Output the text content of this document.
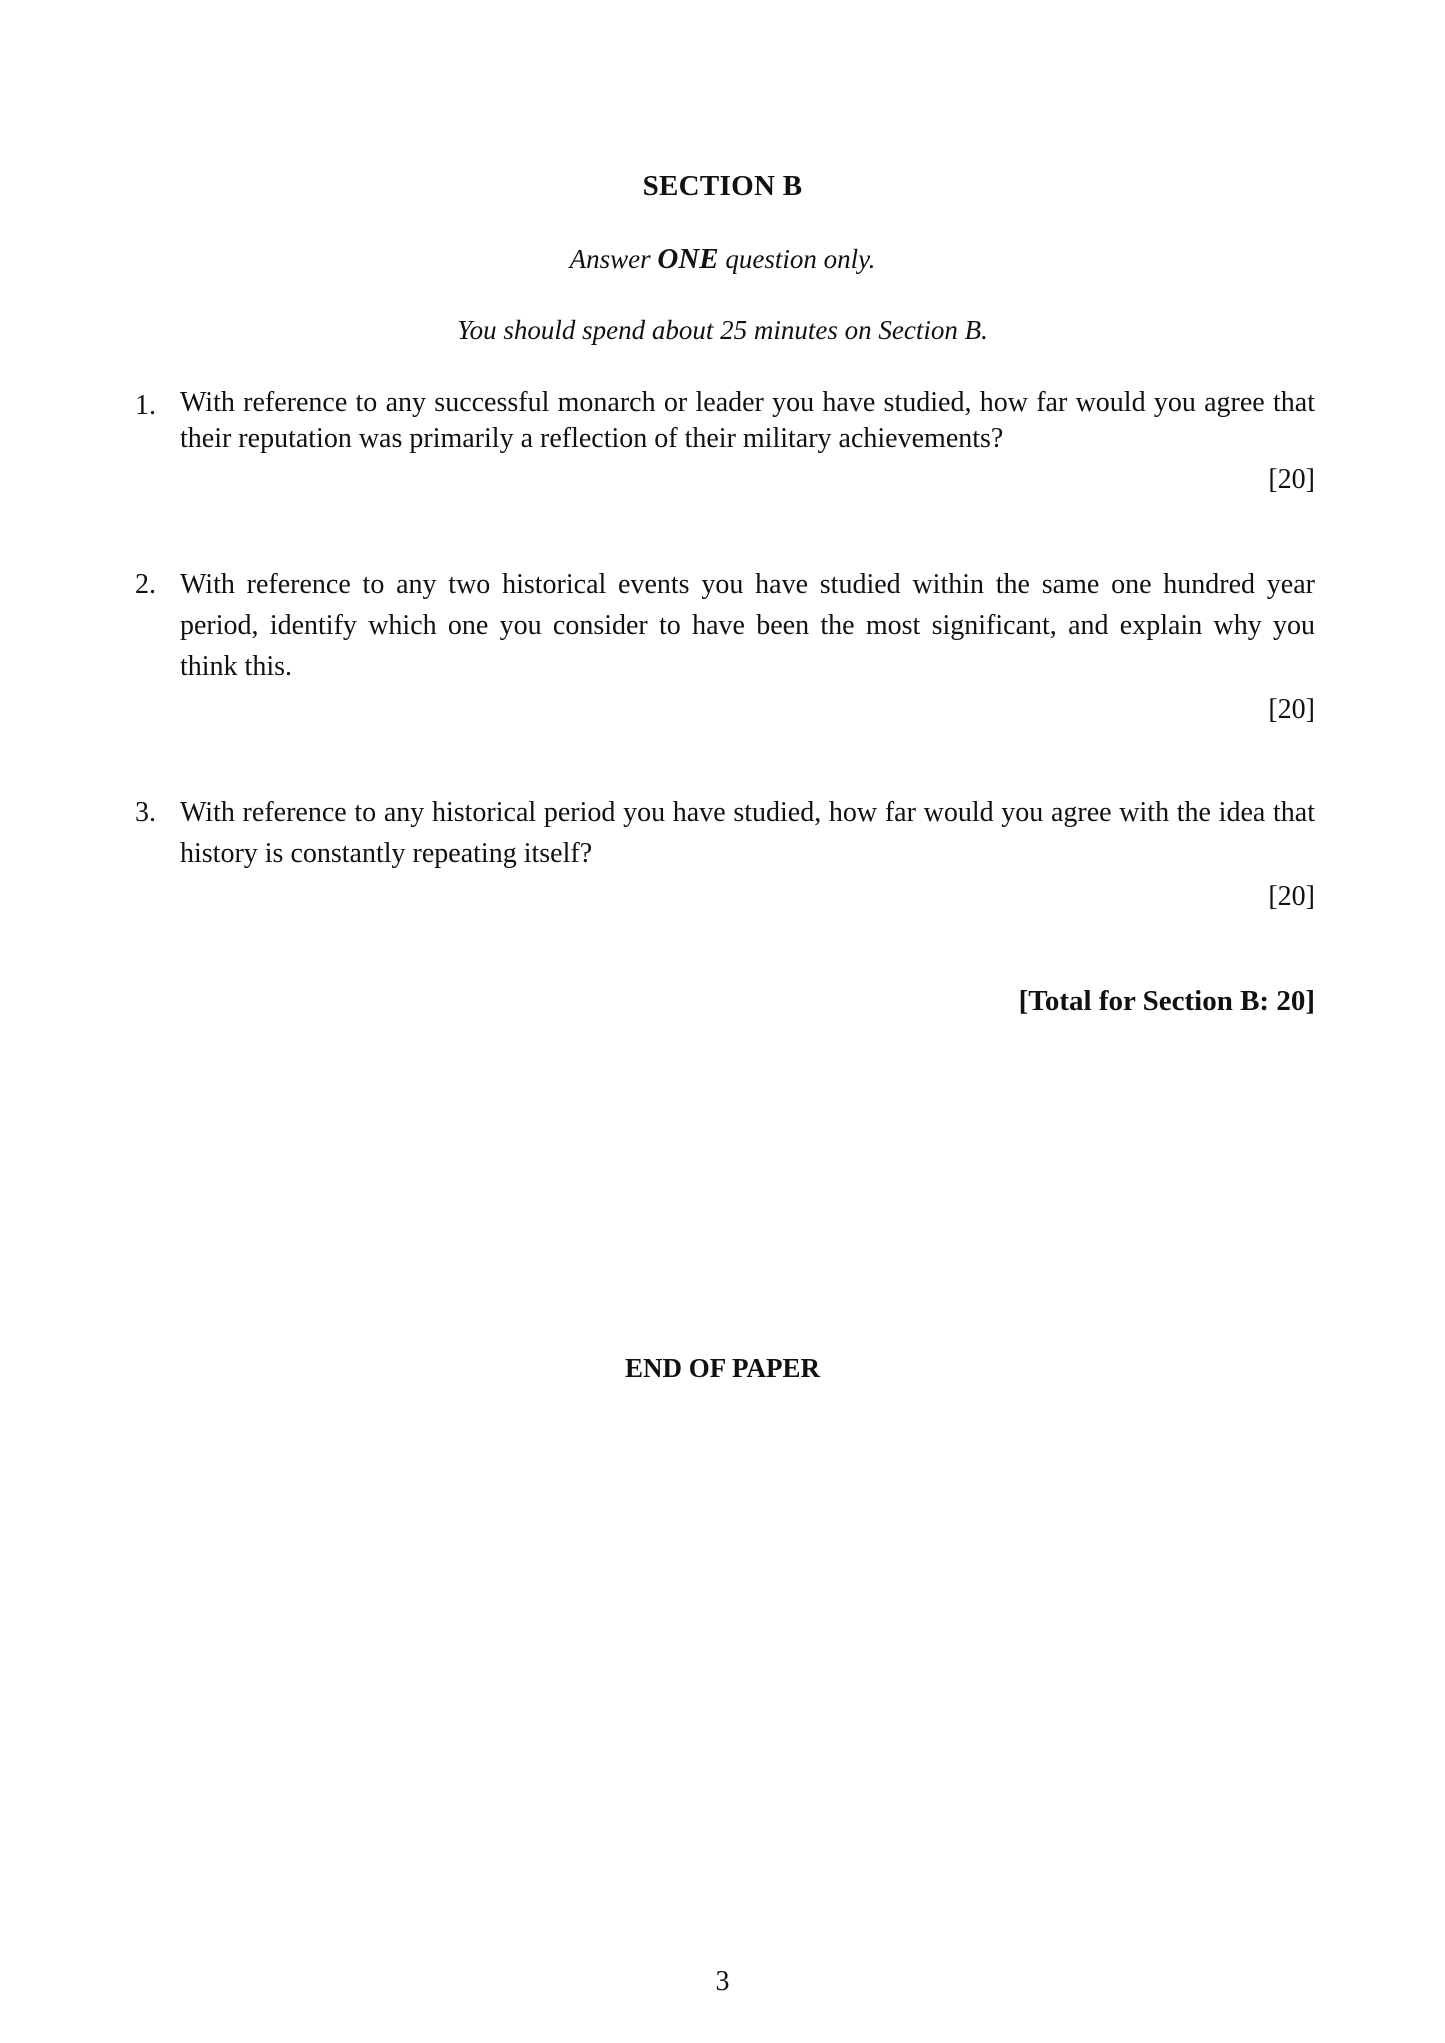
SECTION B
Answer ONE question only.
You should spend about 25 minutes on Section B.
1. With reference to any successful monarch or leader you have studied, how far would you agree that their reputation was primarily a reflection of their military achievements?
[20]
2. With reference to any two historical events you have studied within the same one hundred year period, identify which one you consider to have been the most significant, and explain why you think this.
[20]
3. With reference to any historical period you have studied, how far would you agree with the idea that history is constantly repeating itself?
[20]
[Total for Section B: 20]
END OF PAPER
3
